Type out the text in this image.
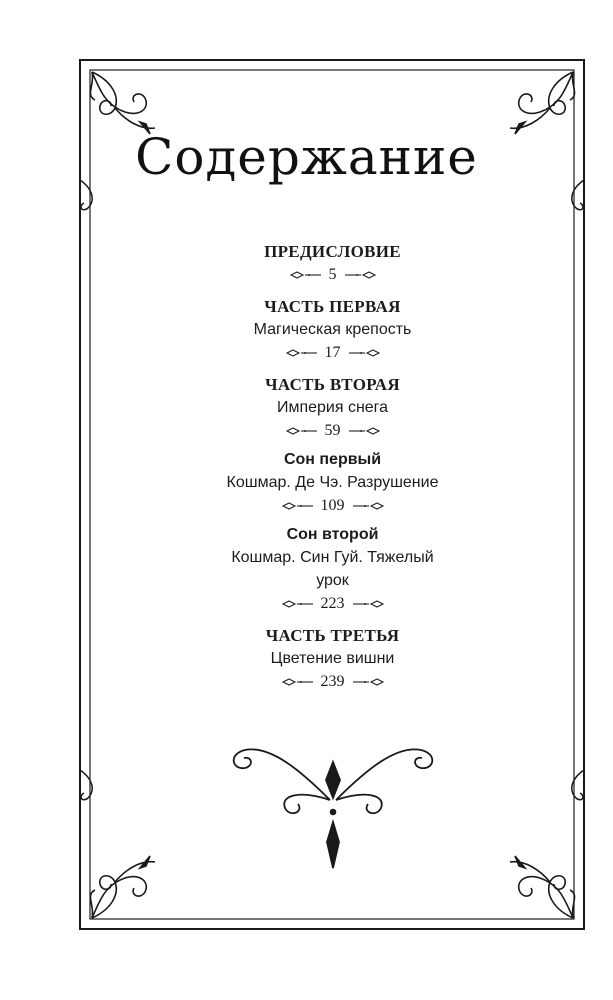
Содержание
ПРЕДИСЛОВИЕ
5
ЧАСТЬ ПЕРВАЯ
Магическая крепость
17
ЧАСТЬ ВТОРАЯ
Империя снега
59
Сон первый
Кошмар. Де Чэ. Разрушение
109
Сон второй
Кошмар. Син Гуй. Тяжелый
урок
223
ЧАСТЬ ТРЕТЬЯ
Цветение вишни
239
